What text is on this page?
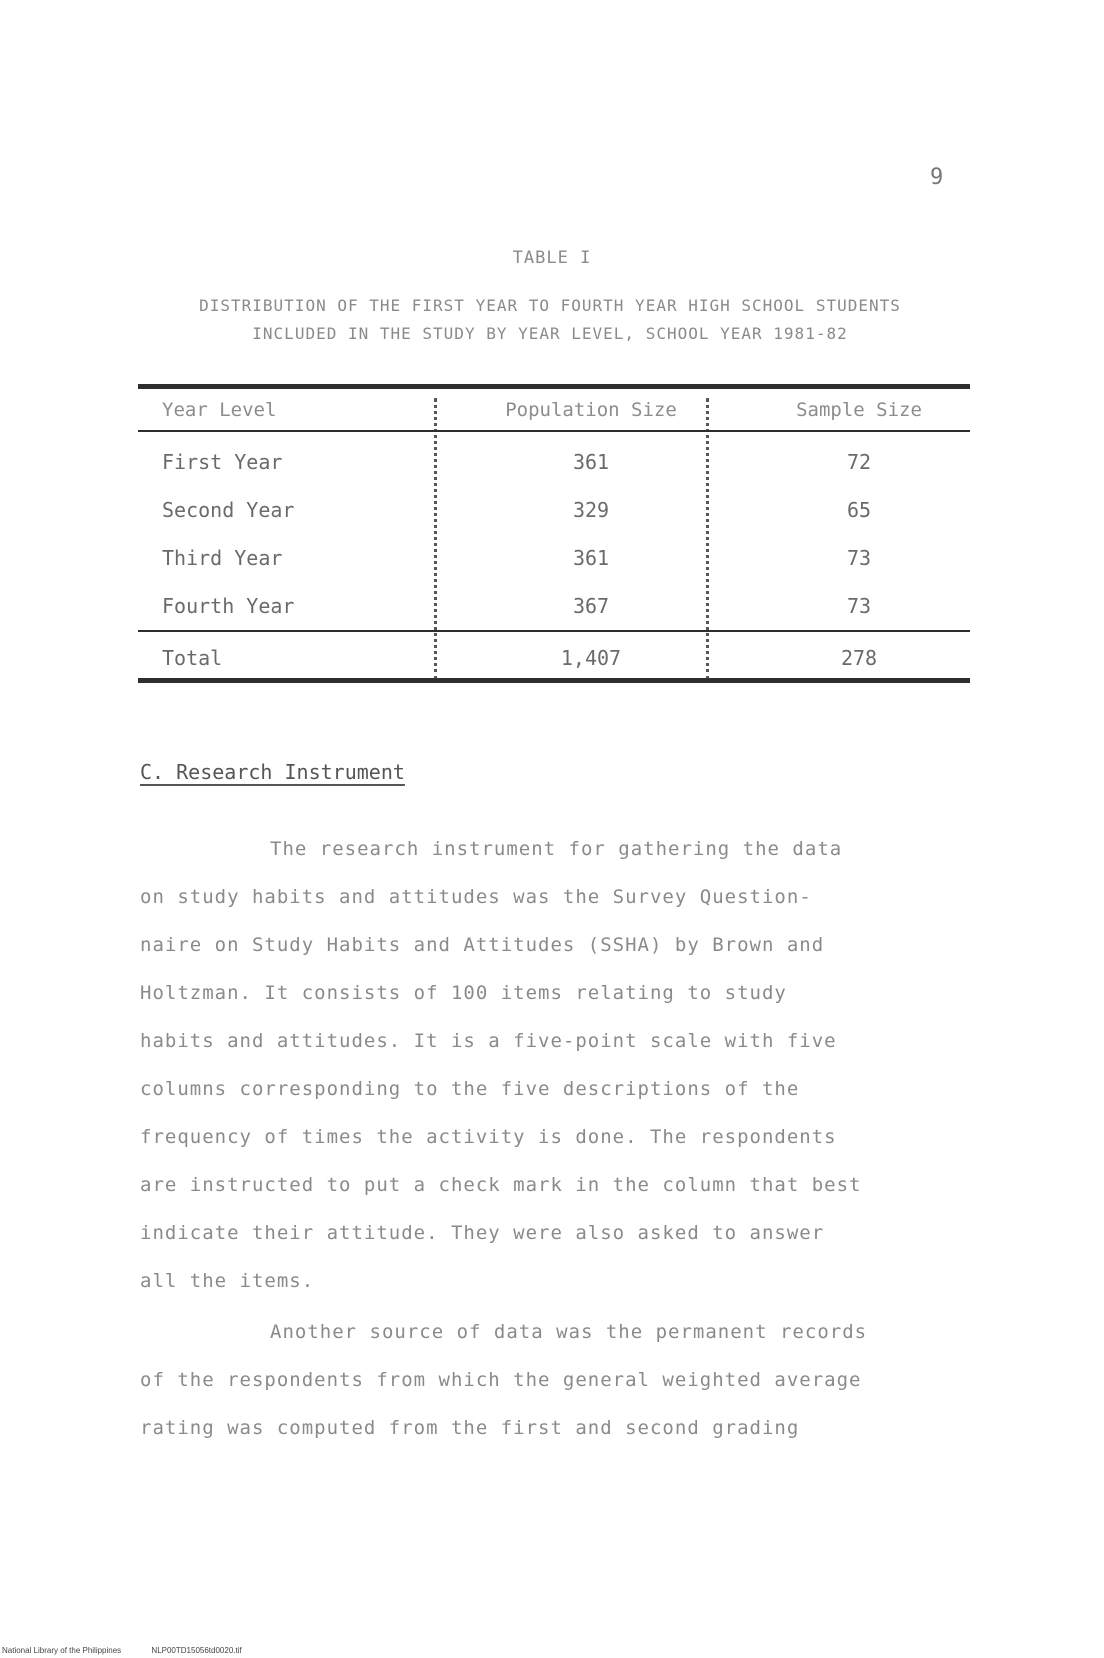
9
TABLE I
DISTRIBUTION OF THE FIRST YEAR TO FOURTH YEAR HIGH SCHOOL STUDENTS
INCLUDED IN THE STUDY BY YEAR LEVEL, SCHOOL YEAR 1981-82
Year Level	Population Size	Sample Size
First Year	361	72
Second Year	329	65
Third Year	361	73
Fourth Year	367	73
Total	1,407	278
C. Research Instrument
The research instrument for gathering the data
on study habits and attitudes was the Survey Question-
naire on Study Habits and Attitudes (SSHA) by Brown and
Holtzman. It consists of 100 items relating to study
habits and attitudes. It is a five-point scale with five
columns corresponding to the five descriptions of the
frequency of times the activity is done. The respondents
are instructed to put a check mark in the column that best
indicate their attitude. They were also asked to answer
all the items.
Another source of data was the permanent records
of the respondents from which the general weighted average
rating was computed from the first and second grading
National Library of the Philippines	NLP00TD15056td0020.tif
